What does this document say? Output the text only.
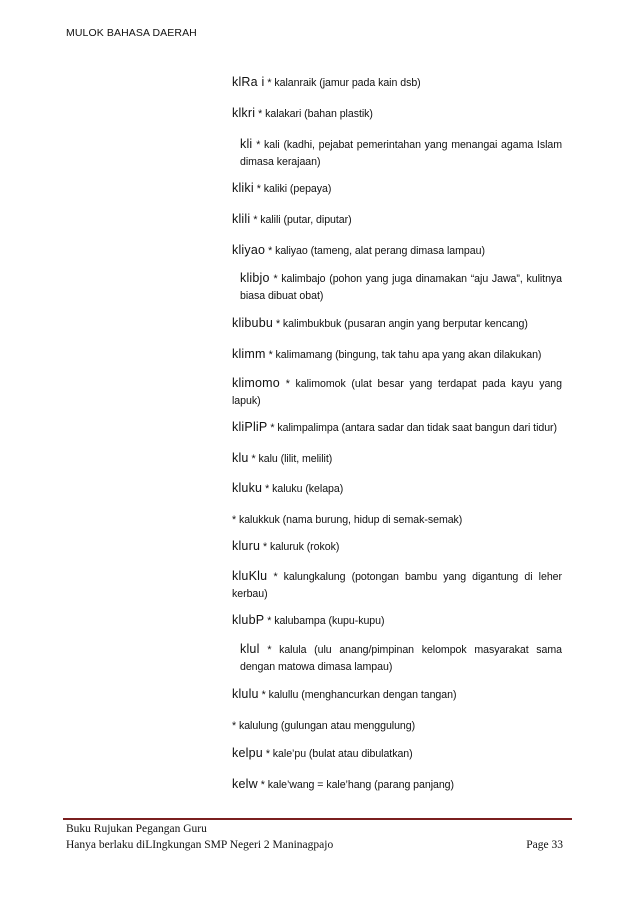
MULOK BAHASA DAERAH
klRa i * kalanraik (jamur pada kain dsb)
klkri * kalakari (bahan plastik)
kli * kali (kadhi, pejabat pemerintahan yang menangai agama Islam dimasa kerajaan)
kliki * kaliki (pepaya)
klili * kalili (putar, diputar)
kliyao * kaliyao (tameng, alat perang dimasa lampau)
klibjo * kalimbajo (pohon yang juga dinamakan “aju Jawa”, kulitnya biasa dibuat obat)
klibubu * kalimbukbuk (pusaran angin yang berputar kencang)
klimm * kalimamang (bingung, tak tahu apa yang akan dilakukan)
klimomo * kalimomok (ulat besar yang terdapat pada kayu yang lapuk)
kliPliP * kalimpalimpa (antara sadar dan tidak saat bangun dari tidur)
klu * kalu (lilit, melilit)
kluku * kaluku (kelapa)
* kalukkuk (nama burung, hidup di semak-semak)
kluru * kaluruk (rokok)
kluKlu * kalungkalung (potongan bambu yang digantung di leher kerbau)
klubP * kalubampa (kupu-kupu)
klul * kalula (ulu anang/pimpinan kelompok masyarakat sama dengan matowa dimasa lampau)
klulu * kalullu (menghancurkan dengan tangan)
* kalulung (gulungan atau menggulung)
kelpu * kale’pu (bulat atau dibulatkan)
kelw * kale’wang = kale’hang (parang panjang)
Buku Rujukan Pegangan Guru
Hanya berlaku diLIngkungan SMP Negeri 2 Maninagpajo	Page 33
